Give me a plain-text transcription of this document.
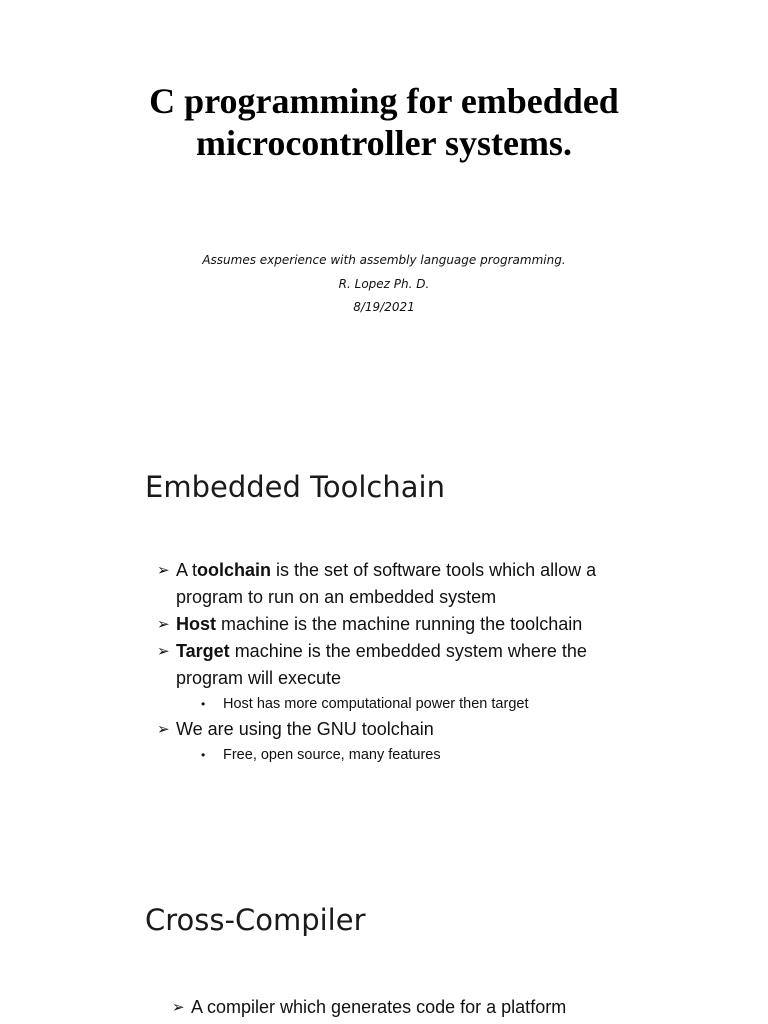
C programming for embedded
microcontroller systems.
Assumes experience with assembly language programming.
R. Lopez Ph. D.
8/19/2021
Embedded Toolchain
➢ A toolchain is the set of software tools which allow a program to run on an embedded system
➢ Host machine is the machine running the toolchain
➢ Target machine is the embedded system where the program will execute
• Host has more computational power then target
➢ We are using the GNU toolchain
• Free, open source, many features
Cross-Compiler
➢ A compiler which generates code for a platform
